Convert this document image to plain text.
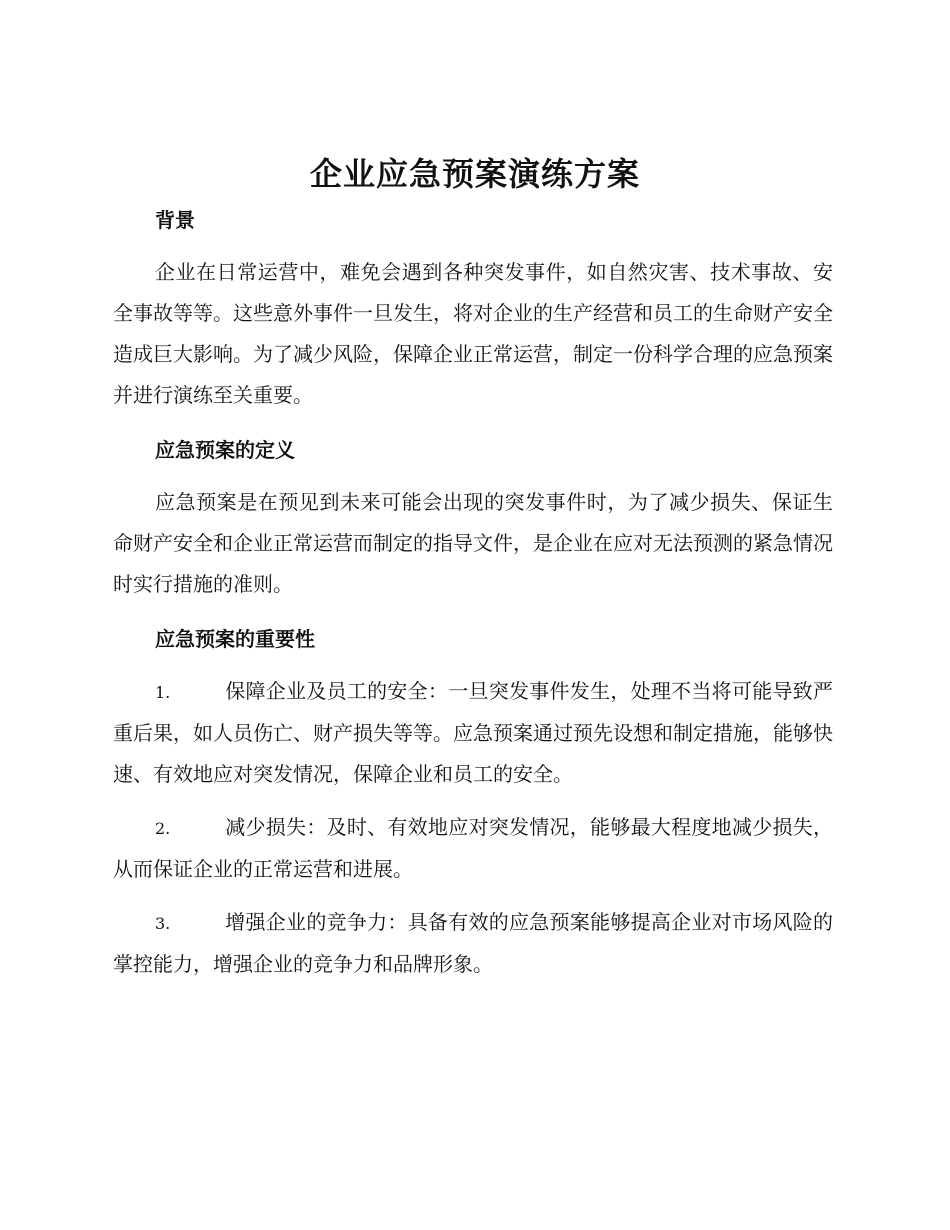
企业应急预案演练方案
背景

企业在日常运营中，难免会遇到各种突发事件，如自然灾害、技术事故、安全事故等等。这些意外事件一旦发生，将对企业的生产经营和员工的生命财产安全造成巨大影响。为了减少风险，保障企业正常运营，制定一份科学合理的应急预案并进行演练至关重要。

应急预案的定义

应急预案是在预见到未来可能会出现的突发事件时，为了减少损失、保证生命财产安全和企业正常运营而制定的指导文件，是企业在应对无法预测的紧急情况时实行措施的准则。

应急预案的重要性

1.	保障企业及员工的安全：一旦突发事件发生，处理不当将可能导致严重后果，如人员伤亡、财产损失等等。应急预案通过预先设想和制定措施，能够快速、有效地应对突发情况，保障企业和员工的安全。

2.	减少损失：及时、有效地应对突发情况，能够最大程度地减少损失，从而保证企业的正常运营和进展。

3.	增强企业的竞争力：具备有效的应急预案能够提高企业对市场风险的掌控能力，增强企业的竞争力和品牌形象。
